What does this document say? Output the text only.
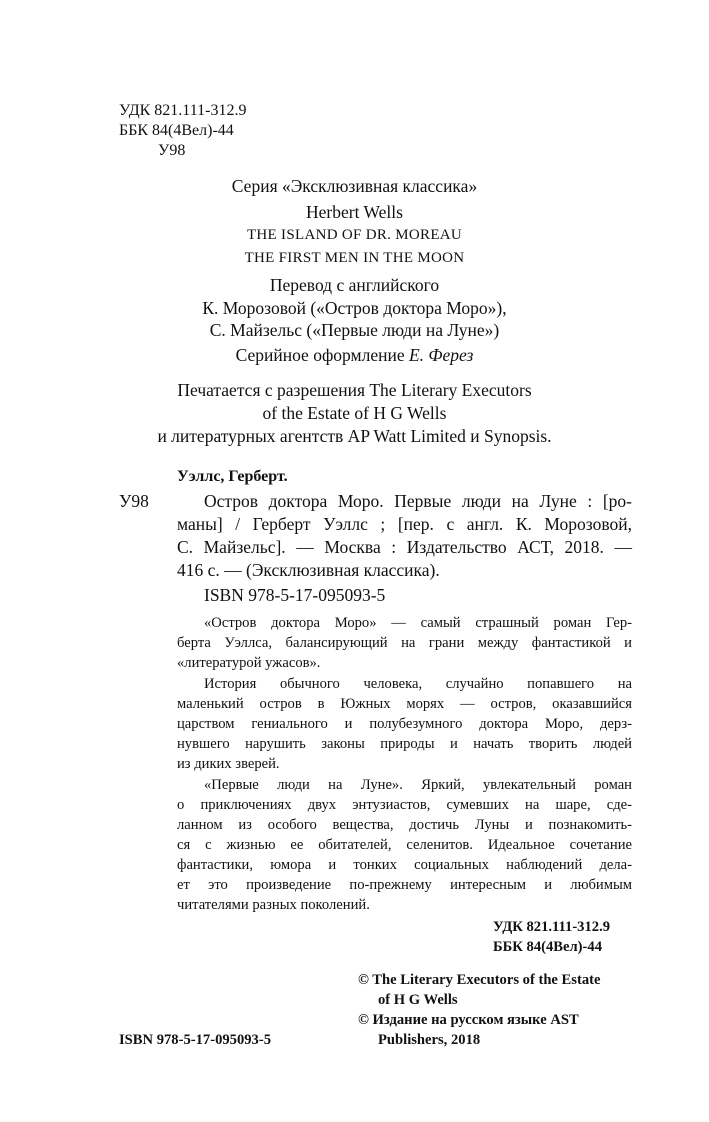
УДК 821.111-312.9
ББК 84(4Вел)-44
У98
Серия «Эксклюзивная классика»
Herbert Wells
THE ISLAND OF DR. MOREAU
THE FIRST MEN IN THE MOON
Перевод с английского
К. Морозовой («Остров доктора Моро»),
С. Майзельс («Первые люди на Луне»)
Серийное оформление Е. Ферез
Печатается с разрешения The Literary Executors
of the Estate of H G Wells
и литературных агентств AP Watt Limited и Synopsis.
Уэллс, Герберт.
У98	Остров доктора Моро. Первые люди на Луне : [ро-
маны] / Герберт Уэллс ; [пер. с англ. К. Морозовой,
С. Майзельс]. — Москва : Издательство АСТ, 2018. —
416 с. — (Эксклюзивная классика).
ISBN 978-5-17-095093-5
«Остров доктора Моро» — самый страшный роман Гер-
берта Уэллса, балансирующий на грани между фантастикой и
«литературой ужасов».
История обычного человека, случайно попавшего на
маленький остров в Южных морях — остров, оказавшийся
царством гениального и полубезумного доктора Моро, дерз-
нувшего нарушить законы природы и начать творить людей
из диких зверей.
«Первые люди на Луне». Яркий, увлекательный роман
о приключениях двух энтузиастов, сумевших на шаре, сде-
ланном из особого вещества, достичь Луны и познакомить-
ся с жизнью ее обитателей, селенитов. Идеальное сочетание
фантастики, юмора и тонких социальных наблюдений дела-
ет это произведение по-прежнему интересным и любимым
читателями разных поколений.
УДК 821.111-312.9
ББК 84(4Вел)-44
© The Literary Executors of the Estate
of H G Wells
© Издание на русском языке AST
Publishers, 2018
ISBN 978-5-17-095093-5
